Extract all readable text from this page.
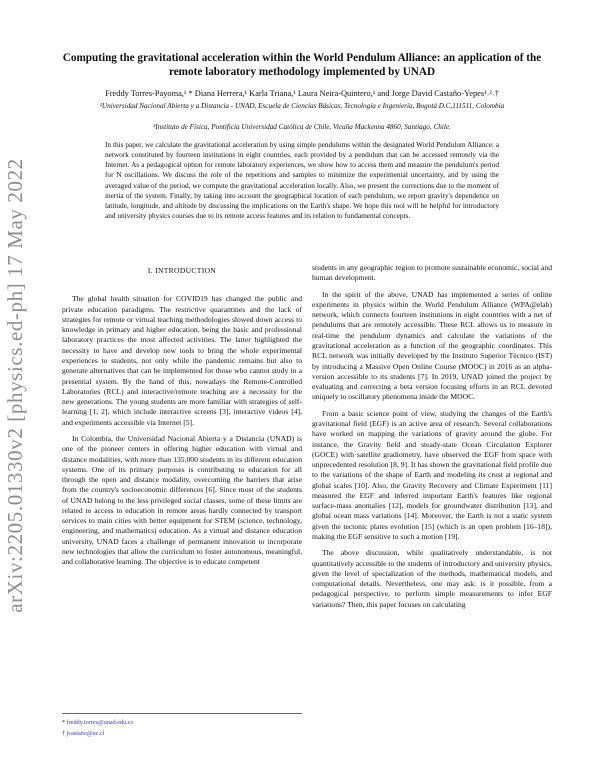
arXiv:2205.01330v2 [physics.ed-ph] 17 May 2022
Computing the gravitational acceleration within the World Pendulum Alliance: an application of the remote laboratory methodology implemented by UNAD
Freddy Torres-Payoma,¹ * Diana Herrera,¹ Karla Triana,¹ Laura Neira-Quintero,¹ and Jorge David Castaño-Yepes¹˒²˒†
¹Universidad Nacional Abierta y a Distancia - UNAD, Escuela de Ciencias Básicas, Tecnología e Ingeniería, Bogotá D.C,111511, Colombia
²Instituto de Física, Pontificia Universidad Católica de Chile, Vicuña Mackenna 4860, Santiago, Chile.
In this paper, we calculate the gravitational acceleration by using simple pendulums within the designated World Pendulum Alliance: a network constituted by fourteen institutions in eight countries, each provided by a pendulum that can be accessed remotely via the Internet. As a pedagogical option for remote laboratory experiences, we show how to access them and measure the pendulum's period for N oscillations. We discuss the role of the repetitions and samples to minimize the experimental uncertainty, and by using the averaged value of the period, we compute the gravitational acceleration locally. Also, we present the corrections due to the moment of inertia of the system. Finally, by taking into account the geographical location of each pendulum, we report gravity's dependence on latitude, longitude, and altitude by discussing the implications on the Earth's shape. We hope this tool will be helpful for introductory and university physics courses due to its remote access features and its relation to fundamental concepts.
I. INTRODUCTION

The global health situation for COVID19 has changed the public and private education paradigms. The restrictive quarantines and the lack of strategies for remote or virtual teaching methodologies slowed down access to knowledge in primary and higher education, being the basic and professional laboratory practices the most affected activities. The latter highlighted the necessity to have and develop new tools to bring the whole experimental experiences to students, not only while the pandemic remains but also to generate alternatives that can be implemented for those who cannot study in a presential system. By the hand of this, nowadays the Remote-Controlled Laboratories (RCL) and interactive/remote teaching are a necessity for the new generations. The young students are more familiar with strategies of self-learning [1, 2], which include interactive screens [3], interactive videos [4], and experiments accessible via Internet [5].

In Colombia, the Universidad Nacional Abierta y a Distancia (UNAD) is one of the pioneer centers in offering higher education with virtual and distance modalities, with more than 135.000 students in its different education systems. One of its primary purposes is contributing to education for all through the open and distance modality, overcoming the barriers that arise from the country's socioeconomic differences [6]. Since most of the students of UNAD belong to the less privileged social classes, some of these limits are related to access to education in remote areas hardly connected by transport services to main cities with better equipment for STEM (science, technology, engineering, and mathematics) education. As a virtual and distance education university, UNAD faces a challenge of permanent innovation to incorporate new technologies that allow the curriculum to foster autonomous, meaningful, and collaborative learning. The objective is to educate competent

students in any geographic region to promote sustainable economic, social and human development.

In the spirit of the above, UNAD has implemented a series of online experiments in physics within the World Pendulum Alliance (WPA@elab) network, which connects fourteen institutions in eight countries with a net of pendulums that are remotely accessible. These RCL allows us to measure in real-time the pendulum dynamics and calculate the variations of the gravitational acceleration as a function of the geographic coordinates. This RCL network was initially developed by the Instituto Superior Técnico (IST) by introducing a Massive Open Online Course (MOOC) in 2016 as an alpha-version accessible to its students [7]. In 2019, UNAD joined the project by evaluating and correcting a beta version focusing efforts in an RCL devoted uniquely to oscillatory phenomena inside the MOOC.

From a basic science point of view, studying the changes of the Earth's gravitational field (EGF) is an active area of research. Several collaborations have worked on mapping the variations of gravity around the globe. For instance, the Gravity field and steady-state Ocean Circulation Explorer (GOCE) with satellite gradiometry, have observed the EGF from space with unprecedented resolution [8, 9]. It has shown the gravitational field profile due to the variations of the shape of Earth and modeling its crust at regional and global scales [10]. Also, the Gravity Recovery and Climate Experiment [11] measured the EGF and inferred important Earth's features like regional surface-mass anomalies [12], models for groundwater distribution [13], and global ocean mass variations [14]. Moreover, the Earth is not a static system given the tectonic plates evolution [15] (which is an open problem [16–18]), making the EGF sensitive to such a motion [19].

The above discussion, while qualitatively understandable, is not quantitatively accessible to the students of introductory and university physics, given the level of specialization of the methods, mathematical models, and computational details. Nevertheless, one may ask: is it possible, from a pedagogical perspective, to perform simple measurements to infer EGF variations? Then, this paper focuses on calculating

* freddy.torres@unad.edu.co
† jcastano@uc.cl
